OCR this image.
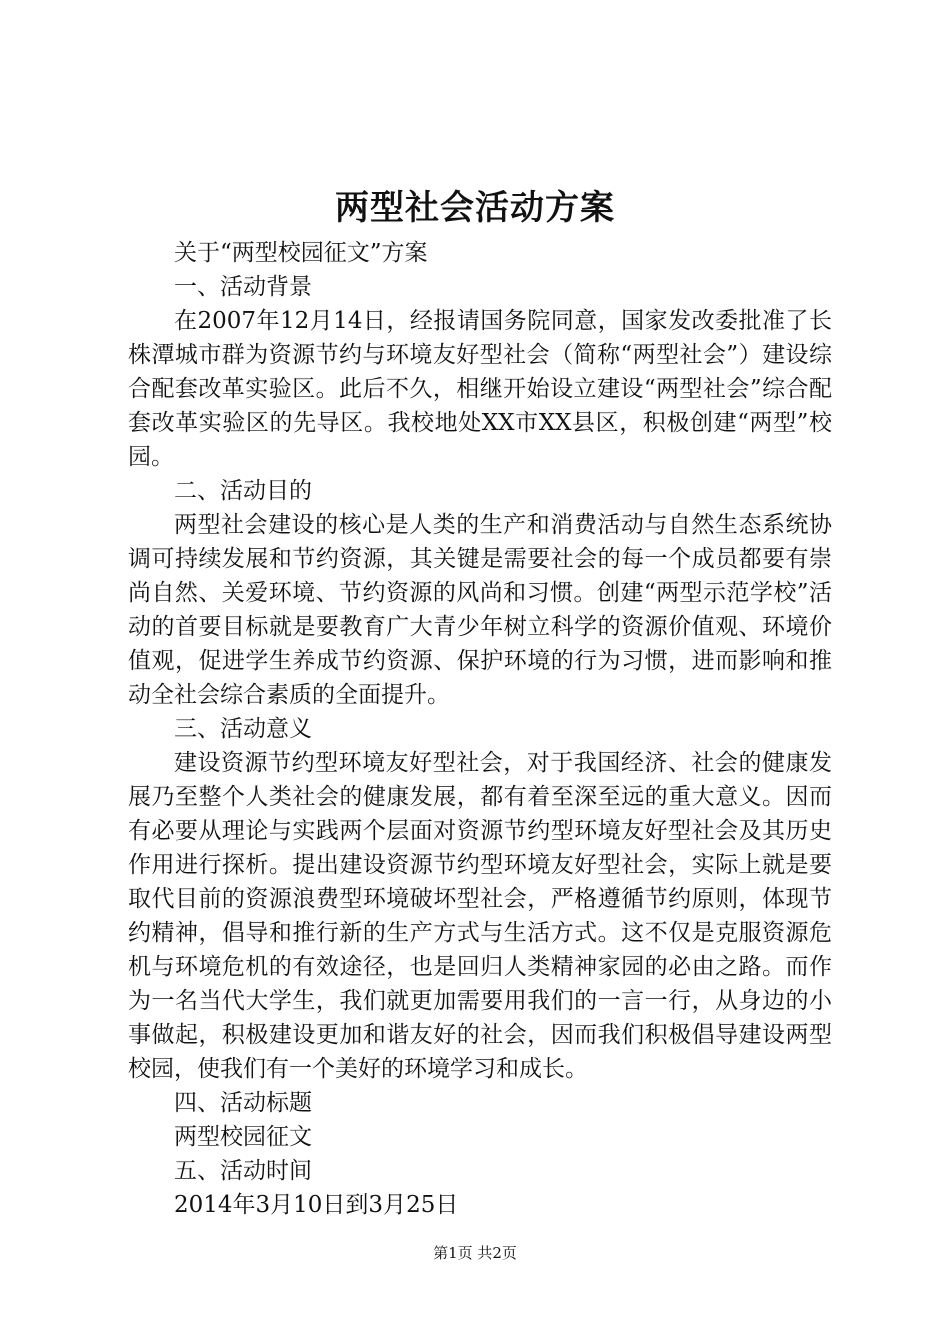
两型社会活动方案

关于“两型校园征文”方案

一、活动背景

在2007年12月14日，经报请国务院同意，国家发改委批准了长株潭城市群为资源节约与环境友好型社会（简称“两型社会”）建设综合配套改革实验区。此后不久，相继开始设立建设“两型社会”综合配套改革实验区的先导区。我校地处XX市XX县区，积极创建“两型”校园。

二、活动目的

两型社会建设的核心是人类的生产和消费活动与自然生态系统协调可持续发展和节约资源，其关键是需要社会的每一个成员都要有崇尚自然、关爱环境、节约资源的风尚和习惯。创建“两型示范学校”活动的首要目标就是要教育广大青少年树立科学的资源价值观、环境价值观，促进学生养成节约资源、保护环境的行为习惯，进而影响和推动全社会综合素质的全面提升。

三、活动意义

建设资源节约型环境友好型社会，对于我国经济、社会的健康发展乃至整个人类社会的健康发展，都有着至深至远的重大意义。因而有必要从理论与实践两个层面对资源节约型环境友好型社会及其历史作用进行探析。提出建设资源节约型环境友好型社会，实际上就是要取代目前的资源浪费型环境破坏型社会，严格遵循节约原则，体现节约精神，倡导和推行新的生产方式与生活方式。这不仅是克服资源危机与环境危机的有效途径，也是回归人类精神家园的必由之路。而作为一名当代大学生，我们就更加需要用我们的一言一行，从身边的小事做起，积极建设更加和谐友好的社会，因而我们积极倡导建设两型校园，使我们有一个美好的环境学习和成长。

四、活动标题

两型校园征文

五、活动时间

2014年3月10日到3月25日

第1页 共2页
